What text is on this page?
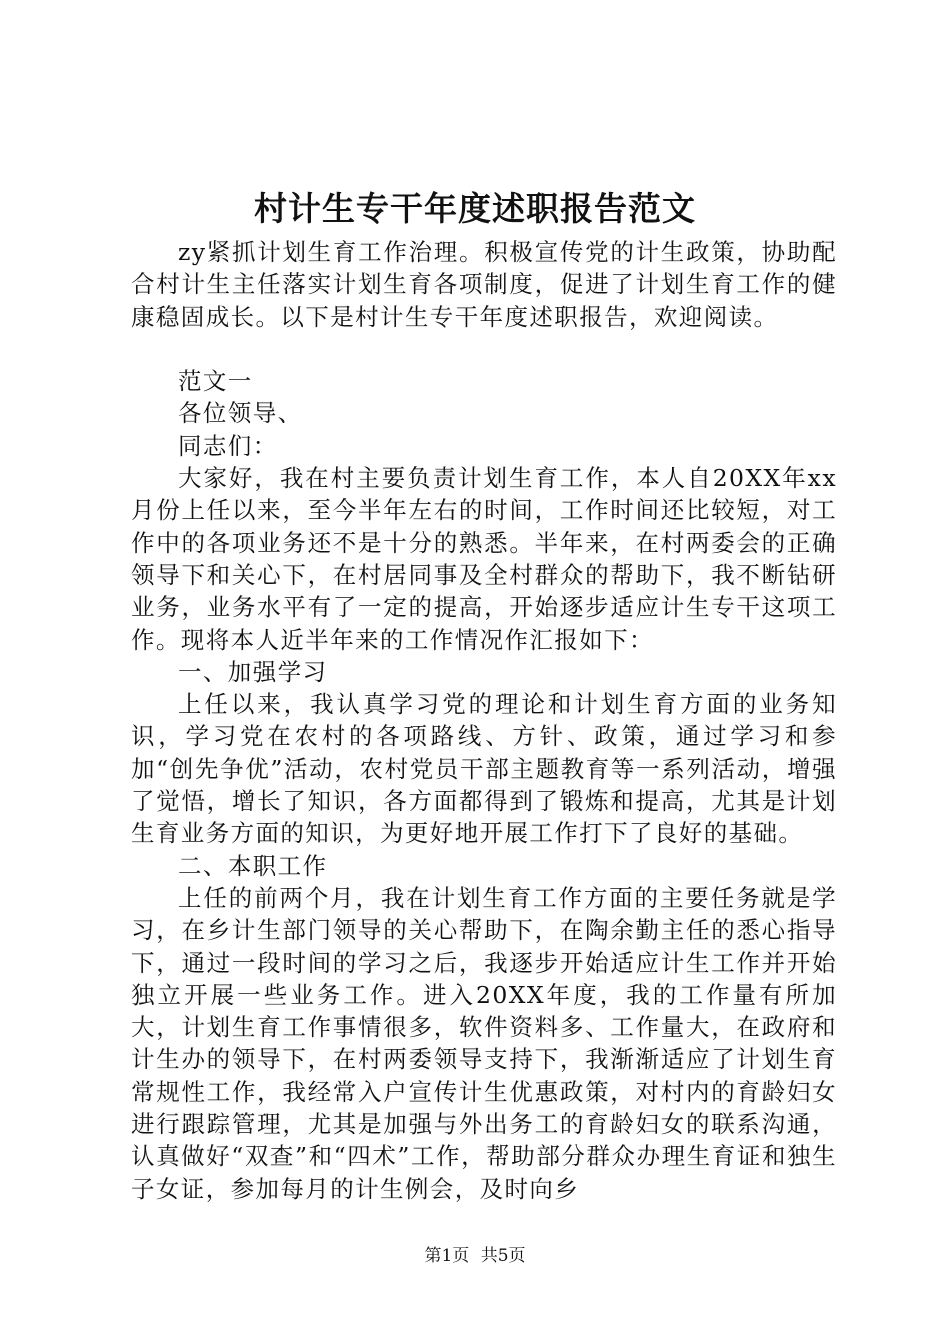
村计生专干年度述职报告范文

zy紧抓计划生育工作治理。积极宣传党的计生政策，协助配合村计生主任落实计划生育各项制度，促进了计划生育工作的健康稳固成长。以下是村计生专干年度述职报告，欢迎阅读。

范文一

各位领导、

同志们：

大家好，我在村主要负责计划生育工作，本人自20XX年xx月份上任以来，至今半年左右的时间，工作时间还比较短，对工作中的各项业务还不是十分的熟悉。半年来，在村两委会的正确领导下和关心下，在村居同事及全村群众的帮助下，我不断钻研业务，业务水平有了一定的提高，开始逐步适应计生专干这项工作。现将本人近半年来的工作情况作汇报如下：

一、加强学习

上任以来，我认真学习党的理论和计划生育方面的业务知识，学习党在农村的各项路线、方针、政策，通过学习和参加“创先争优”活动，农村党员干部主题教育等一系列活动，增强了觉悟，增长了知识，各方面都得到了锻炼和提高，尤其是计划生育业务方面的知识，为更好地开展工作打下了良好的基础。

二、本职工作

上任的前两个月，我在计划生育工作方面的主要任务就是学习，在乡计生部门领导的关心帮助下，在陶余勤主任的悉心指导下，通过一段时间的学习之后，我逐步开始适应计生工作并开始独立开展一些业务工作。进入20XX年度，我的工作量有所加大，计划生育工作事情很多，软件资料多、工作量大，在政府和计生办的领导下，在村两委领导支持下，我渐渐适应了计划生育常规性工作，我经常入户宣传计生优惠政策，对村内的育龄妇女进行跟踪管理，尤其是加强与外出务工的育龄妇女的联系沟通，认真做好“双查”和“四术”工作，帮助部分群众办理生育证和独生子女证，参加每月的计生例会，及时向乡

第1页 共5页
